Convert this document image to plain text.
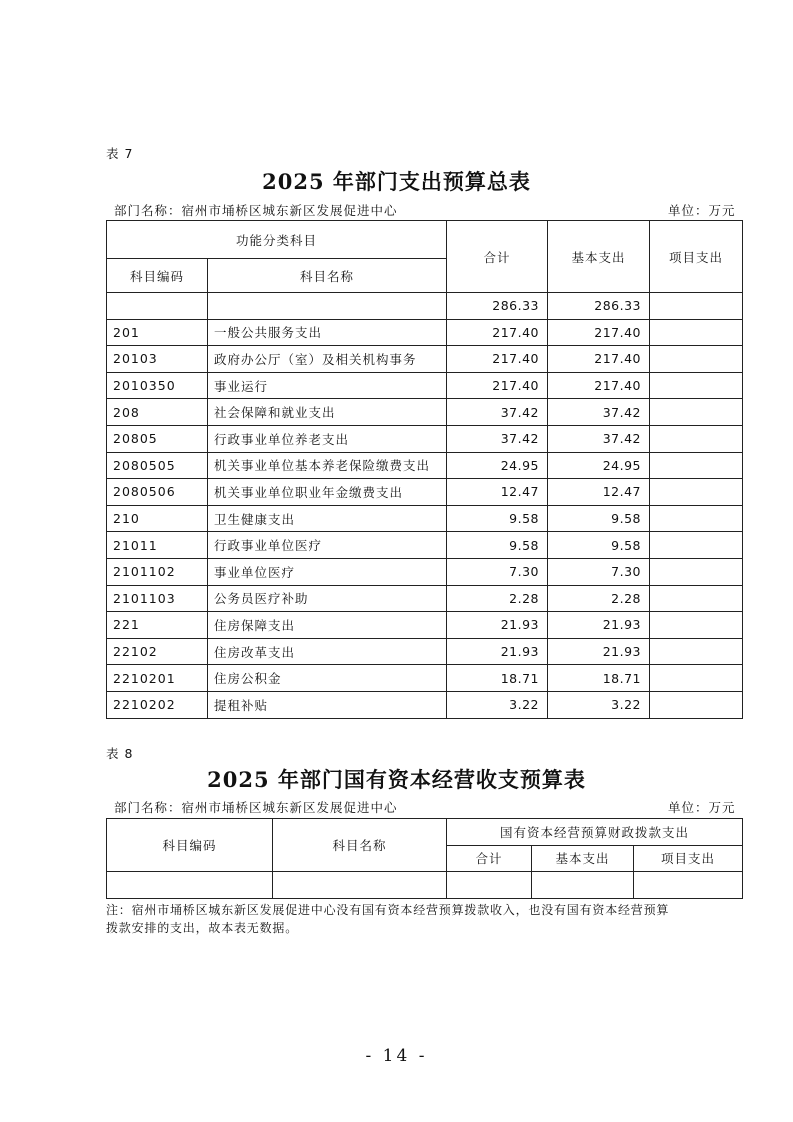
表 7
2025 年部门支出预算总表
部门名称：宿州市埇桥区城东新区发展促进中心	单位：万元
功能分类科目		合计	基本支出	项目支出
科目编码	科目名称			
		286.33	286.33	
201	一般公共服务支出	217.40	217.40	
20103	政府办公厅（室）及相关机构事务	217.40	217.40	
2010350	事业运行	217.40	217.40	
208	社会保障和就业支出	37.42	37.42	
20805	行政事业单位养老支出	37.42	37.42	
2080505	机关事业单位基本养老保险缴费支出	24.95	24.95	
2080506	机关事业单位职业年金缴费支出	12.47	12.47	
210	卫生健康支出	9.58	9.58	
21011	行政事业单位医疗	9.58	9.58	
2101102	事业单位医疗	7.30	7.30	
2101103	公务员医疗补助	2.28	2.28	
221	住房保障支出	21.93	21.93	
22102	住房改革支出	21.93	21.93	
2210201	住房公积金	18.71	18.71	
2210202	提租补贴	3.22	3.22	
表 8
2025 年部门国有资本经营收支预算表
部门名称：宿州市埇桥区城东新区发展促进中心	单位：万元
科目编码	科目名称	国有资本经营预算财政拨款支出		
		合计	基本支出	项目支出

注：宿州市埇桥区城东新区发展促进中心没有国有资本经营预算拨款收入，也没有国有资本经营预算
拨款安排的支出，故本表无数据。
- 14 -
